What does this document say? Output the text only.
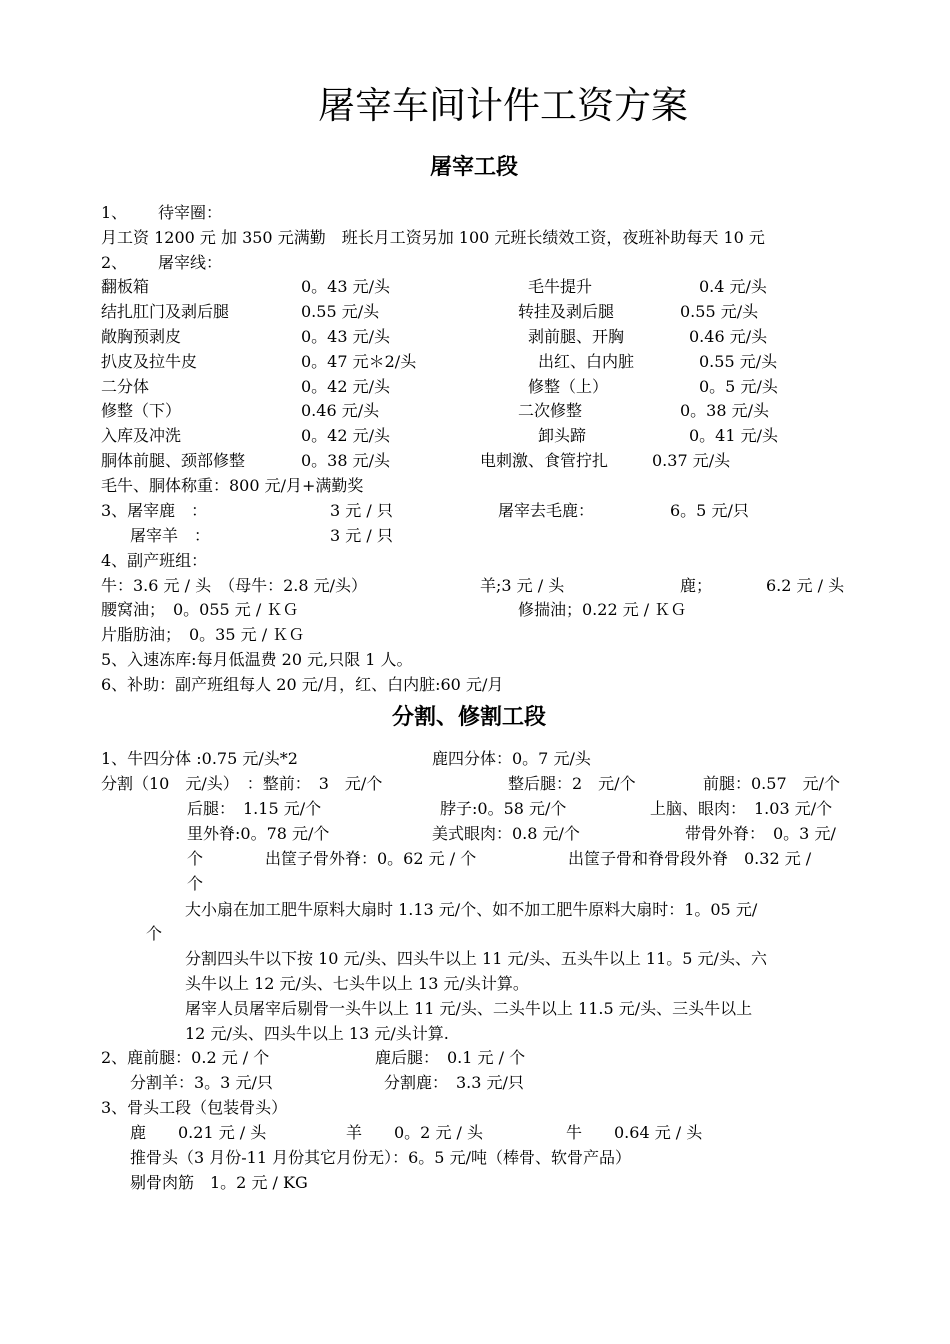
屠宰车间计件工资方案
屠宰工段
1、 待宰圈：
月工资 1200 元 加 350 元满勤　班长月工资另加 100 元班长绩效工资，夜班补助每天 10 元
2、 屠宰线：
翻板箱	0。43 元/头	毛牛提升	0.4 元/头
结扎肛门及剥后腿	0.55 元/头	转挂及剥后腿	0.55 元/头
敞胸预剥皮	0。43 元/头	剥前腿、开胸	0.46 元/头
扒皮及拉牛皮	0。47 元＊2/头	出红、白内脏	0.55 元/头
二分体	0。42 元/头	修整（上）	0。5 元/头
修整（下）	0.46 元/头	二次修整	0。38 元/头
入库及冲洗	0。42 元/头	卸头蹄	0。41 元/头
胴体前腿、颈部修整	0。38 元/头	电刺激、食管拧扎	0.37 元/头
毛牛、胴体称重：800 元/月+满勤奖
3、屠宰鹿　：	3 元 / 只	屠宰去毛鹿：	6。5 元/只
屠宰羊　：	3 元 / 只
4、副产班组：
牛：3.6 元 / 头　（母牛：2.8 元/头）	羊;3 元 / 头	鹿；	6.2 元 / 头
腰窝油；　0。055 元 / ＫＧ	修揣油；0.22 元 / ＫＧ
片脂肪油；　0。35 元 / ＫＧ
5、入速冻库:每月低温费 20 元,只限 1 人。
6、补助：副产班组每人 20 元/月，红、白内脏:60 元/月
分割、修割工段
1、牛四分体 :0.75 元/头*2	鹿四分体：0。7 元/头
分割（10　元/头）　：整前：　3　元/个	整后腿：2　元/个	前腿：0.57　元/个
后腿：　1.15 元/个	脖子:0。58 元/个	上脑、眼肉：　1.03 元/个
里外脊:0。78 元/个	美式眼肉：0.8 元/个	带骨外脊：　0。3 元/
个	出筐子骨外脊：0。62 元 / 个	出筐子骨和脊骨段外脊　0.32 元 /
个
大小扇在加工肥牛原料大扇时 1.13 元/个、如不加工肥牛原料大扇时：1。05 元/
个
分割四头牛以下按 10 元/头、四头牛以上 11 元/头、五头牛以上 11。5 元/头、六
头牛以上 12 元/头、七头牛以上 13 元/头计算。
屠宰人员屠宰后剔骨一头牛以上 11 元/头、二头牛以上 11.5 元/头、三头牛以上
12 元/头、四头牛以上 13 元/头计算.
2、鹿前腿：0.2 元 / 个	鹿后腿：　0.1 元 / 个
分割羊：3。3 元/只	分割鹿：　3.3 元/只
3、骨头工段（包装骨头）
鹿　　0.21 元 / 头	羊　　0。2 元 / 头	牛　　0.64 元 / 头
推骨头（3 月份-11 月份其它月份无）：6。5 元/吨（棒骨、软骨产品）
剔骨肉筋　1。2 元 / KG
